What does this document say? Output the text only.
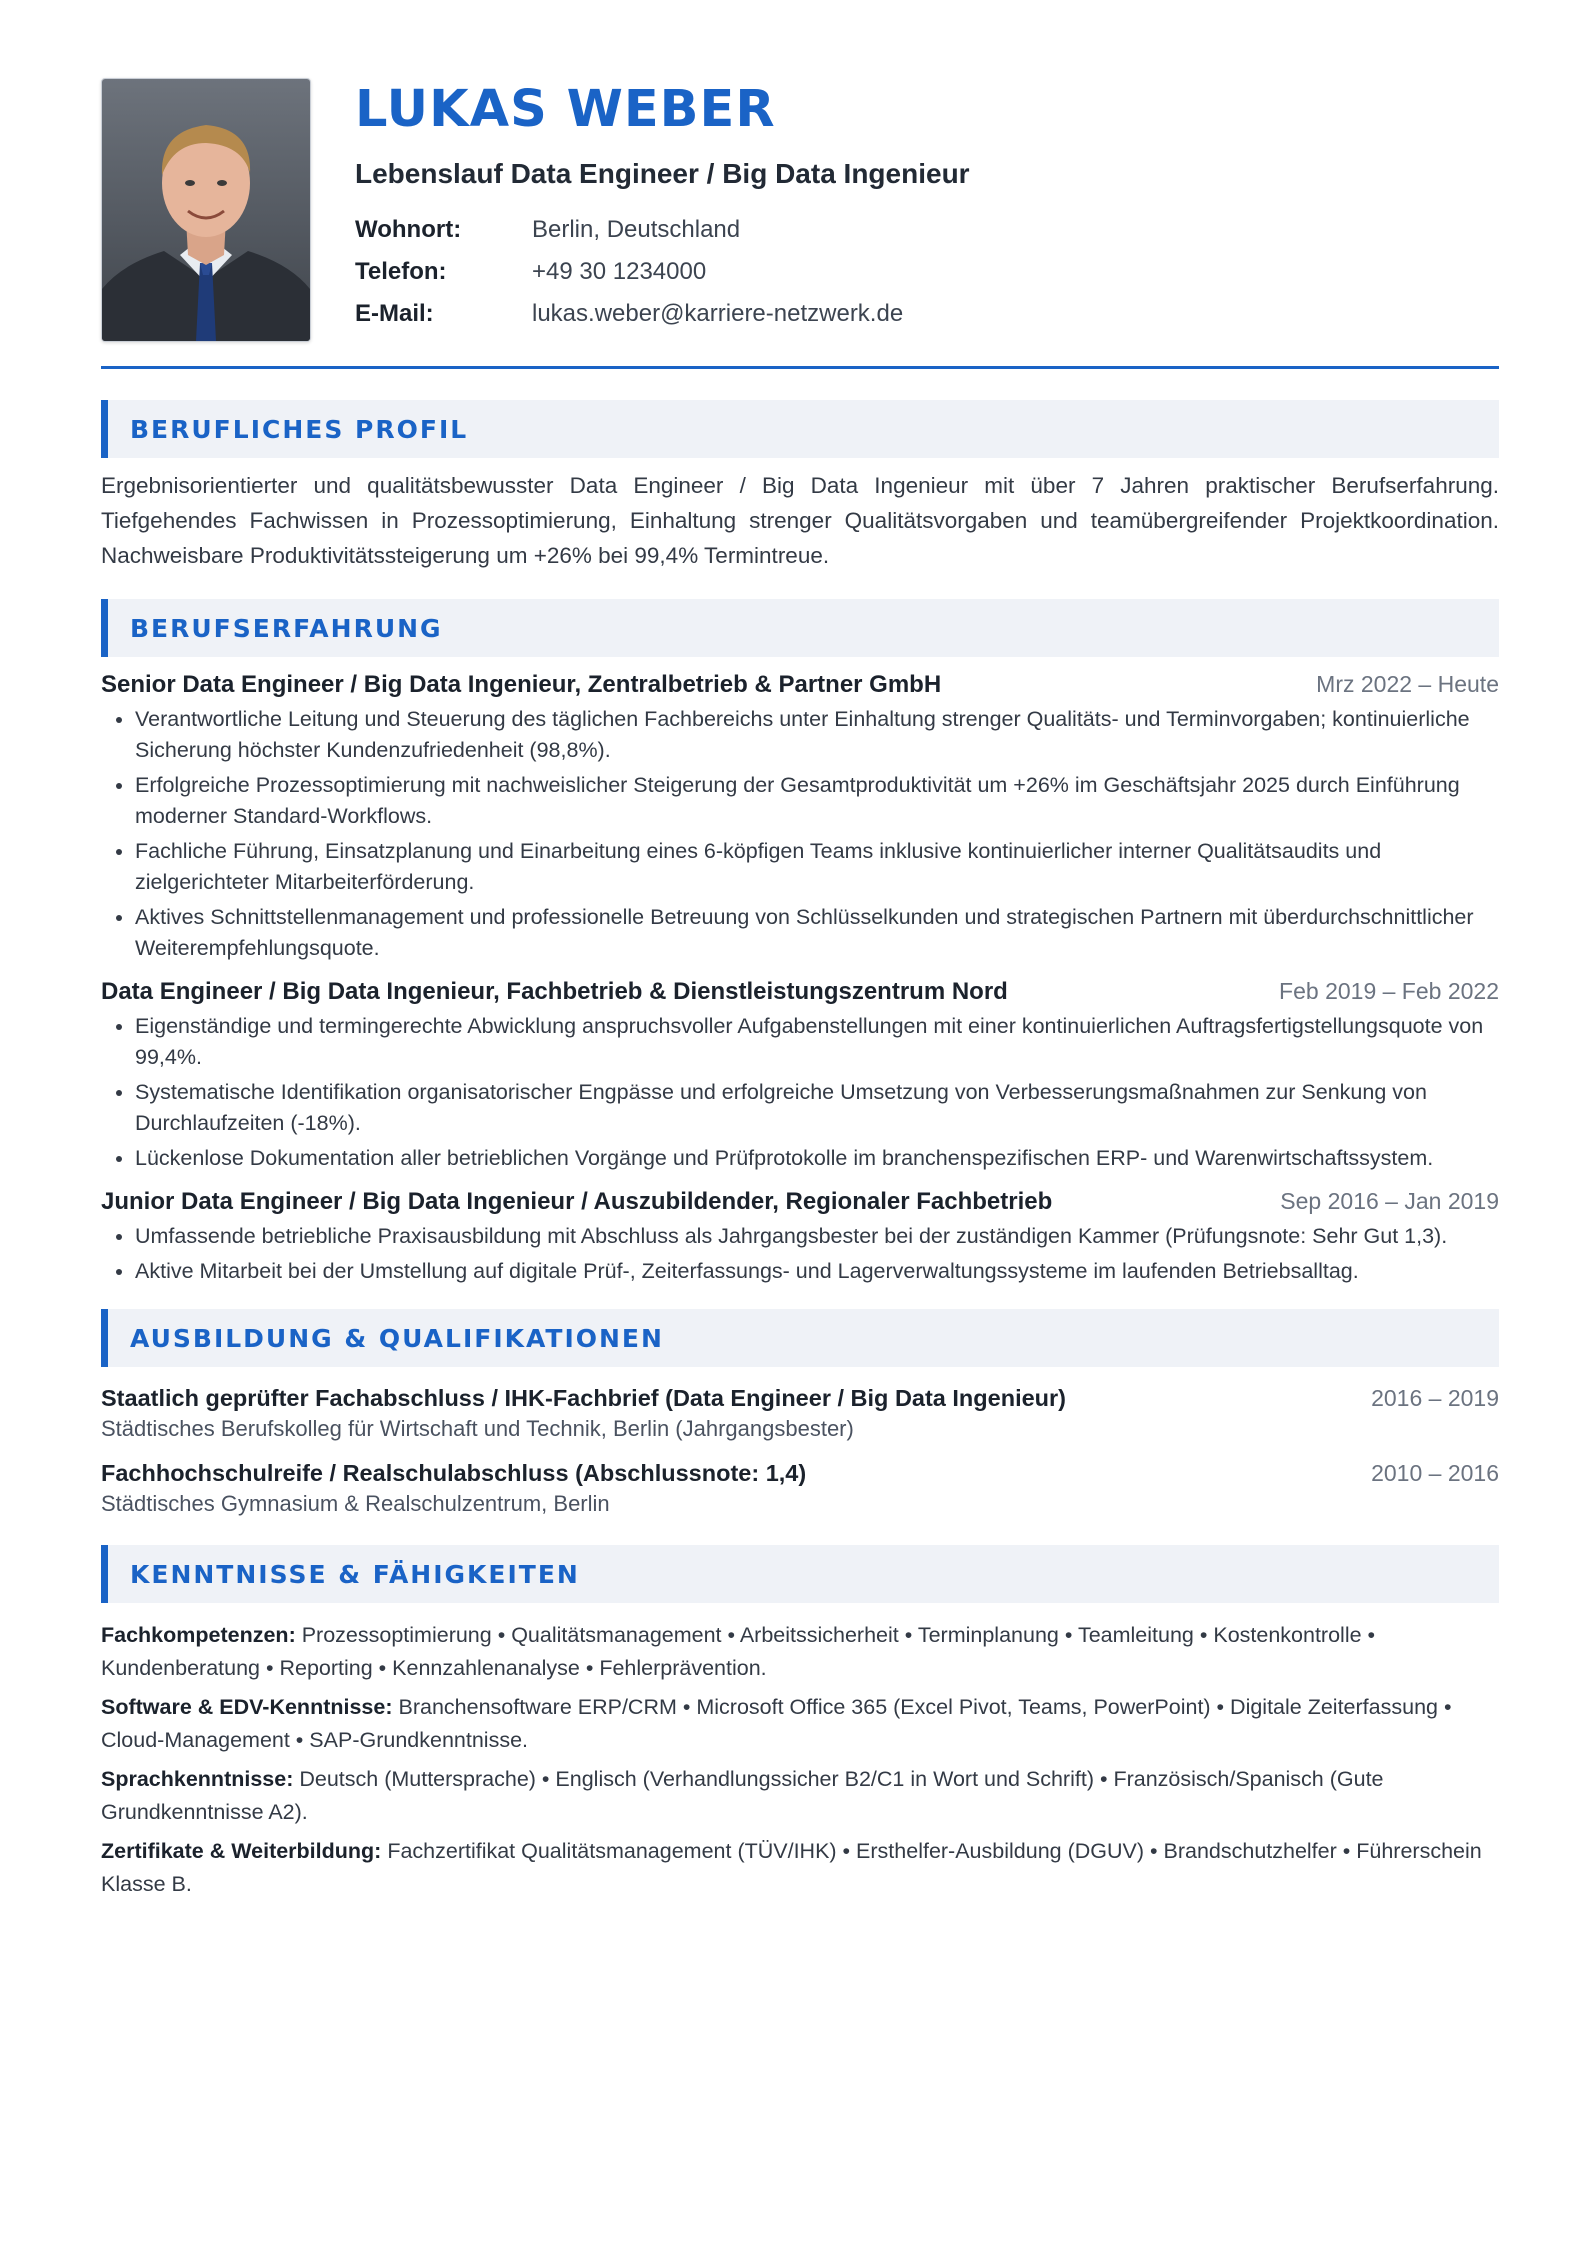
LUKAS WEBER
Lebenslauf Data Engineer / Big Data Ingenieur
Wohnort:	Berlin, Deutschland
Telefon:	+49 30 1234000
E-Mail:	lukas.weber@karriere-netzwerk.de
BERUFLICHES PROFIL
Ergebnisorientierter und qualitätsbewusster Data Engineer / Big Data Ingenieur mit über 7 Jahren praktischer Berufserfahrung. Tiefgehendes Fachwissen in Prozessoptimierung, Einhaltung strenger Qualitätsvorgaben und teamübergreifender Projektkoordination. Nachweisbare Produktivitätssteigerung um +26% bei 99,4% Termintreue.
BERUFSERFAHRUNG
Senior Data Engineer / Big Data Ingenieur, Zentralbetrieb & Partner GmbH	Mrz 2022 – Heute
• Verantwortliche Leitung und Steuerung des täglichen Fachbereichs unter Einhaltung strenger Qualitäts- und Terminvorgaben; kontinuierliche Sicherung höchster Kundenzufriedenheit (98,8%).
• Erfolgreiche Prozessoptimierung mit nachweislicher Steigerung der Gesamtproduktivität um +26% im Geschäftsjahr 2025 durch Einführung moderner Standard-Workflows.
• Fachliche Führung, Einsatzplanung und Einarbeitung eines 6-köpfigen Teams inklusive kontinuierlicher interner Qualitätsaudits und zielgerichteter Mitarbeiterförderung.
• Aktives Schnittstellenmanagement und professionelle Betreuung von Schlüsselkunden und strategischen Partnern mit überdurchschnittlicher Weiterempfehlungsquote.
Data Engineer / Big Data Ingenieur, Fachbetrieb & Dienstleistungszentrum Nord	Feb 2019 – Feb 2022
• Eigenständige und termingerechte Abwicklung anspruchsvoller Aufgabenstellungen mit einer kontinuierlichen Auftragsfertigstellungsquote von 99,4%.
• Systematische Identifikation organisatorischer Engpässe und erfolgreiche Umsetzung von Verbesserungsmaßnahmen zur Senkung von Durchlaufzeiten (-18%).
• Lückenlose Dokumentation aller betrieblichen Vorgänge und Prüfprotokolle im branchenspezifischen ERP- und Warenwirtschaftssystem.
Junior Data Engineer / Big Data Ingenieur / Auszubildender, Regionaler Fachbetrieb	Sep 2016 – Jan 2019
• Umfassende betriebliche Praxisausbildung mit Abschluss als Jahrgangsbester bei der zuständigen Kammer (Prüfungsnote: Sehr Gut 1,3).
• Aktive Mitarbeit bei der Umstellung auf digitale Prüf-, Zeiterfassungs- und Lagerverwaltungssysteme im laufenden Betriebsalltag.
AUSBILDUNG & QUALIFIKATIONEN
Staatlich geprüfter Fachabschluss / IHK-Fachbrief (Data Engineer / Big Data Ingenieur)	2016 – 2019
Städtisches Berufskolleg für Wirtschaft und Technik, Berlin (Jahrgangsbester)
Fachhochschulreife / Realschulabschluss (Abschlussnote: 1,4)	2010 – 2016
Städtisches Gymnasium & Realschulzentrum, Berlin
KENNTNISSE & FÄHIGKEITEN
Fachkompetenzen: Prozessoptimierung • Qualitätsmanagement • Arbeitssicherheit • Terminplanung • Teamleitung • Kostenkontrolle • Kundenberatung • Reporting • Kennzahlenanalyse • Fehlerprävention.
Software & EDV-Kenntnisse: Branchensoftware ERP/CRM • Microsoft Office 365 (Excel Pivot, Teams, PowerPoint) • Digitale Zeiterfassung • Cloud-Management • SAP-Grundkenntnisse.
Sprachkenntnisse: Deutsch (Muttersprache) • Englisch (Verhandlungssicher B2/C1 in Wort und Schrift) • Französisch/Spanisch (Gute Grundkenntnisse A2).
Zertifikate & Weiterbildung: Fachzertifikat Qualitätsmanagement (TÜV/IHK) • Ersthelfer-Ausbildung (DGUV) • Brandschutzhelfer • Führerschein Klasse B.
